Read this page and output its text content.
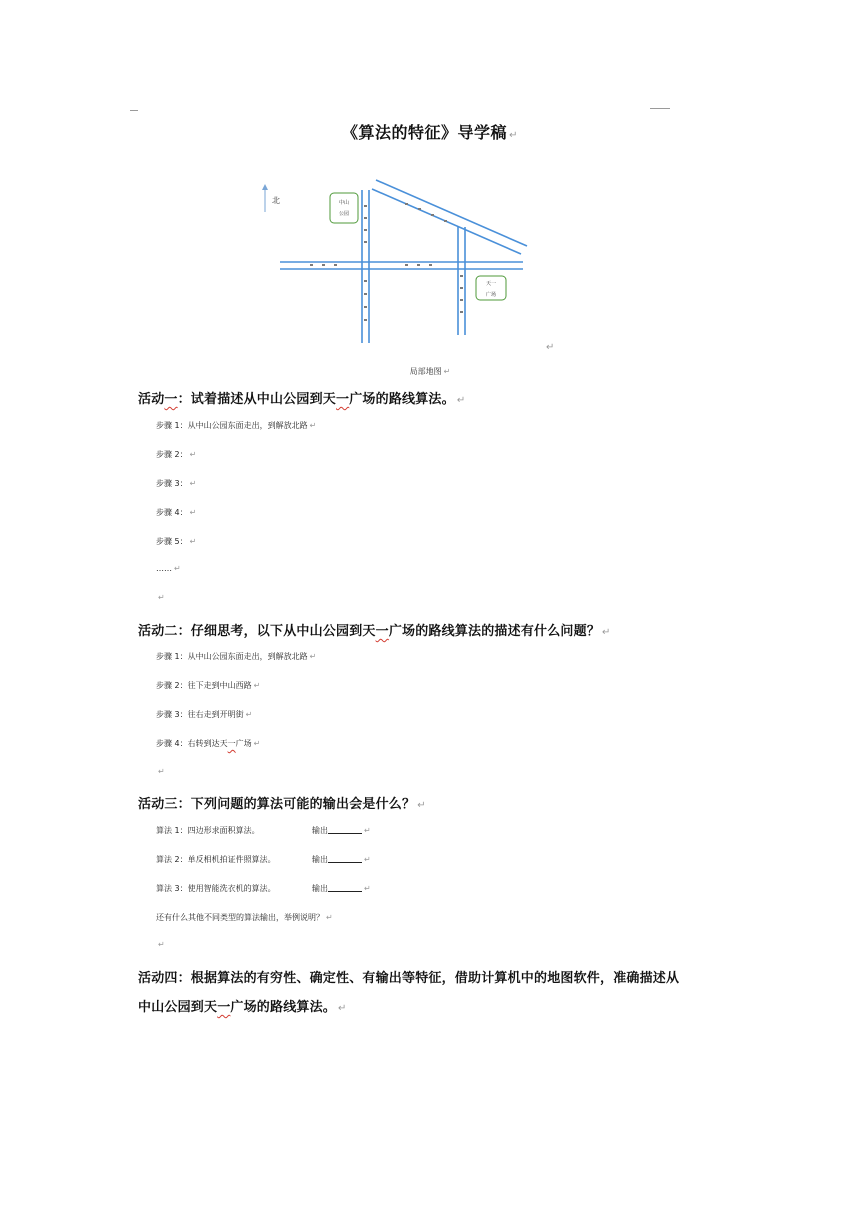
《算法的特征》导学稿 ↵
北	中山
公园
天一
广场
↵
局部地图 ↵
活动一：试着描述从中山公园到天一广场的路线算法。 ↵
步骤 1：从中山公园东面走出，到解放北路 ↵
步骤 2： ↵
步骤 3： ↵
步骤 4： ↵
步骤 5： ↵
…… ↵
↵
活动二：仔细思考，以下从中山公园到天一广场的路线算法的描述有什么问题？ ↵
步骤 1：从中山公园东面走出，到解放北路 ↵
步骤 2：往下走到中山西路 ↵
步骤 3：往右走到开明街 ↵
步骤 4：右转到达天一广场 ↵
↵
活动三：下列问题的算法可能的输出会是什么？ ↵
算法 1：四边形求面积算法。	输出	↵
算法 2：单反相机拍证件照算法。	输出	↵
算法 3：使用智能洗衣机的算法。	输出	↵
还有什么其他不同类型的算法输出，举例说明？ ↵
↵
活动四：根据算法的有穷性、确定性、有输出等特征，借助计算机中的地图软件，准确描述从
中山公园到天一广场的路线算法。 ↵
